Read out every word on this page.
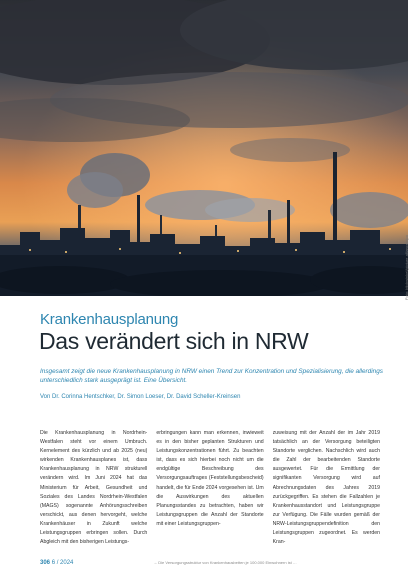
Foto: blickwinkel/picture alliance/dpa
Krankenhausplanung
Das verändert sich in NRW
Insgesamt zeigt die neue Krankenhausplanung in NRW einen Trend zur Konzentration und Spezialisierung, die allerdings unterschiedlich stark ausgeprägt ist. Eine Übersicht.
Von Dr. Corinna Hentschker, Dr. Simon Loeser, Dr. David Scheller-Kreinsen
Die Krankenhausplanung in Nordrhein-Westfalen steht vor einem Umbruch. Kernelement des kürzlich und ab 2025 (neu) wirkenden Krankenhausplanes ist, dass Krankenhausplanung in NRW strukturell verändern wird. Im Juni 2024 hat das Ministerium für Arbeit, Gesundheit und Soziales des Landes Nordrhein-Westfalen (MAGS) sogenannte Anhörungsschreiben verschickt, aus denen hervorgeht, welche Krankenhäuser in Zukunft welche Leistungsgruppen erbringen sollen. Durch Abgleich mit den bisherigen Leistungs-
erbringungen kann man erkennen, inwieweit es in den bisher geplanten Strukturen und Leistungskonzentrationen führt. Zu beachten ist, dass es sich hierbei noch nicht um die endgültige Beschreibung des Versorgungsauftrages (Feststellungsbescheid) handelt, die für Ende 2024 vorgesehen ist. Um die Auswirkungen des aktuellen Planungsstandes zu betrachten, haben wir Leistungsgruppen die Anzahl der Standorte mit einer Leistungsgruppen-
zuweisung mit der Anzahl der im Jahr 2019 tatsächlich an der Versorgung beteiligten Standorte verglichen. Nachschlich wird auch die Zahl der bearbeitenden Standorte ausgewertet. Für die Ermittlung der signifikanten Versorgung wird auf Abrechnungsdaten des Jahres 2019 zurückgegriffen. Es stehen die Fallzahlen je Krankenhausstandort und Leistungsgruppe zur Verfügung. Die Fälle wurden gemäß der NRW-Leistungsgruppendefinition den Leistungsgruppen zugeordnet. Es werden Kran-
306 6 / 2024	→ Die Versorgungsstruktur von Krankenhausbetten je 100.000 Einwohnern ist …
